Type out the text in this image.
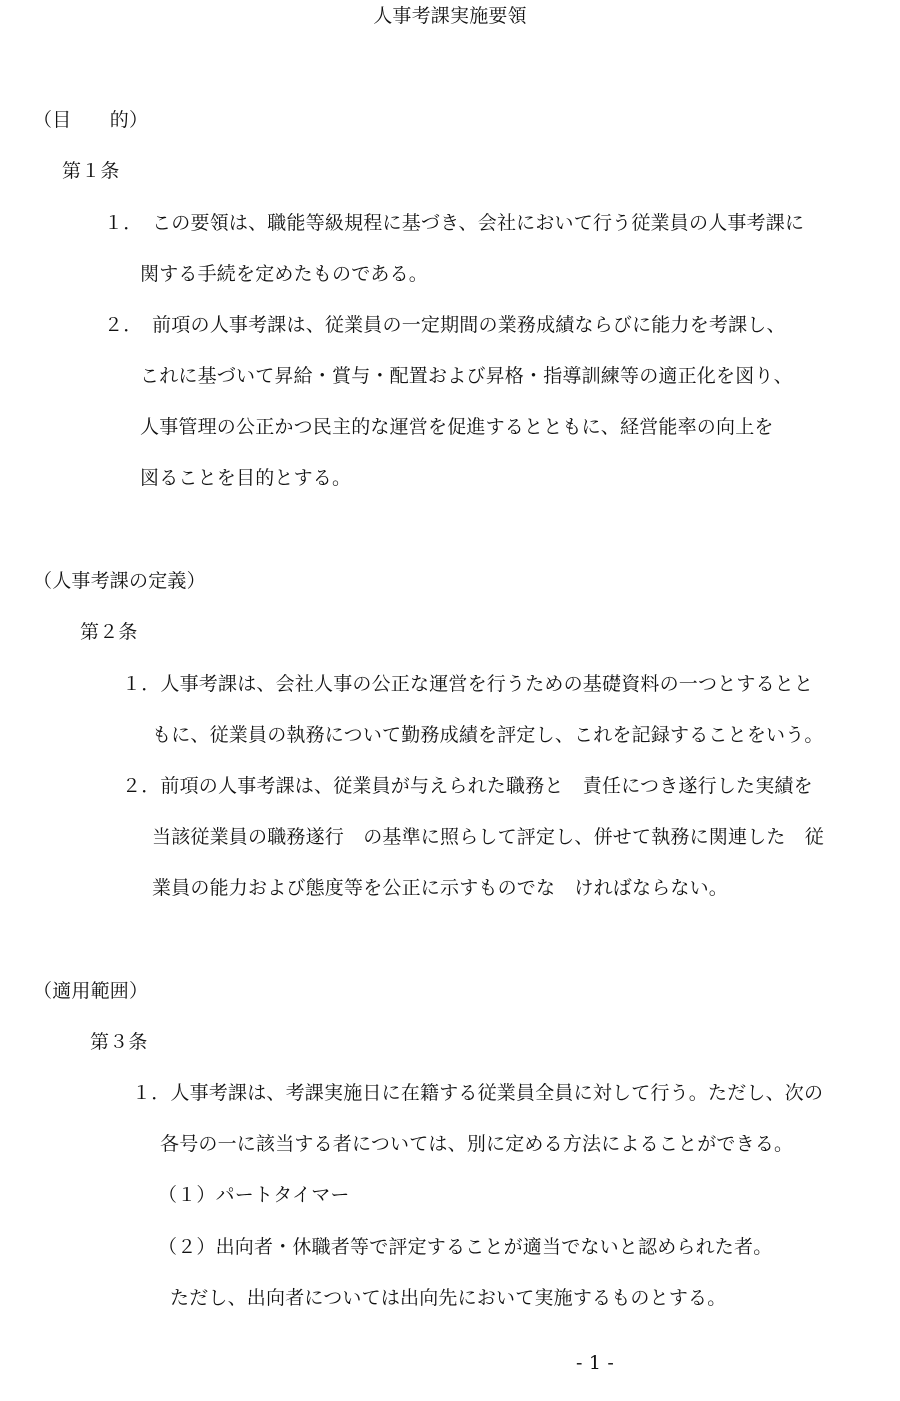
人事考課実施要領
（目　　的）
第１条
１．　この要領は、職能等級規程に基づき、会社において行う従業員の人事考課に
関する手続を定めたものである。
２．　前項の人事考課は、従業員の一定期間の業務成績ならびに能力を考課し、
これに基づいて昇給・賞与・配置および昇格・指導訓練等の適正化を図り、
人事管理の公正かつ民主的な運営を促進するとともに、経営能率の向上を
図ることを目的とする。
（人事考課の定義）
第２条
１．人事考課は、会社人事の公正な運営を行うための基礎資料の一つとするとと
もに、従業員の執務について勤務成績を評定し、これを記録することをいう。
２．前項の人事考課は、従業員が与えられた職務と　責任につき遂行した実績を
当該従業員の職務遂行　の基準に照らして評定し、併せて執務に関連した　従
業員の能力および態度等を公正に示すものでな　ければならない。
（適用範囲）
第３条
１．人事考課は、考課実施日に在籍する従業員全員に対して行う。ただし、次の
各号の一に該当する者については、別に定める方法によることができる。
（１）パートタイマー
（２）出向者・休職者等で評定することが適当でないと認められた者。
ただし、出向者については出向先において実施するものとする。
- 1 -
